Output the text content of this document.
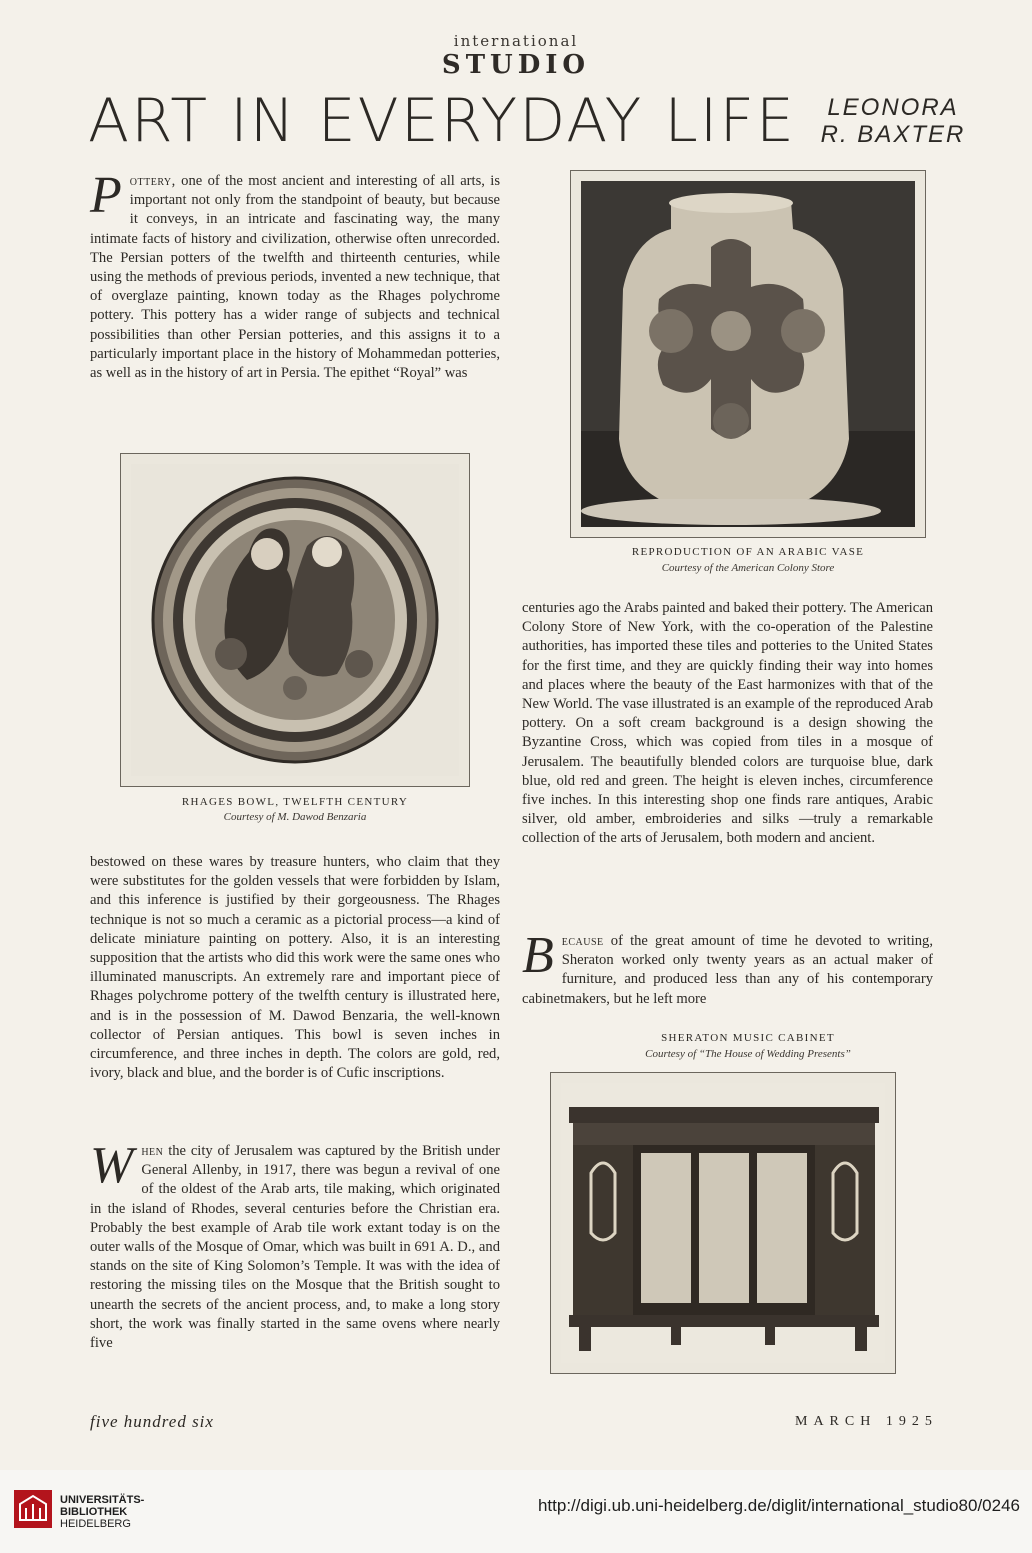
international
STUDIO
ART IN EVERYDAY LIFE	LEONORA
R. BAXTER
Pottery, one of the most ancient and interesting of all arts, is important not only from the standpoint of beauty, but because it conveys, in an intricate and fascinating way, the many intimate facts of history and civilization, otherwise often unrecorded. The Persian potters of the twelfth and thirteenth centuries, while using the methods of previous periods, invented a new technique, that of overglaze painting, known today as the Rhages polychrome pottery. This pottery has a wider range of subjects and technical possibilities than other Persian potteries, and this assigns it to a particularly important place in the history of Mohammedan potteries, as well as in the history of art in Persia. The epithet “Royal” was
RHAGES BOWL, TWELFTH CENTURY
Courtesy of M. Dawod Benzaria
bestowed on these wares by treasure hunters, who claim that they were substitutes for the golden vessels that were forbidden by Islam, and this inference is justified by their gorgeousness. The Rhages technique is not so much a ceramic as a pictorial process—a kind of delicate miniature painting on pottery. Also, it is an interesting supposition that the artists who did this work were the same ones who illuminated manuscripts. An extremely rare and important piece of Rhages polychrome pottery of the twelfth century is illustrated here, and is in the possession of M. Dawod Benzaria, the well-known collector of Persian antiques. This bowl is seven inches in circumference, and three inches in depth. The colors are gold, red, ivory, black and blue, and the border is of Cufic inscriptions.
When the city of Jerusalem was captured by the British under General Allenby, in 1917, there was begun a revival of one of the oldest of the Arab arts, tile making, which originated in the island of Rhodes, several centuries before the Christian era. Probably the best example of Arab tile work extant today is on the outer walls of the Mosque of Omar, which was built in 691 A. D., and stands on the site of King Solomon’s Temple. It was with the idea of restoring the missing tiles on the Mosque that the British sought to unearth the secrets of the ancient process, and, to make a long story short, the work was finally started in the same ovens where nearly five
REPRODUCTION OF AN ARABIC VASE
Courtesy of the American Colony Store
centuries ago the Arabs painted and baked their pottery. The American Colony Store of New York, with the co-operation of the Palestine authorities, has imported these tiles and potteries to the United States for the first time, and they are quickly finding their way into homes and places where the beauty of the East harmonizes with that of the New World. The vase illustrated is an example of the reproduced Arab pottery. On a soft cream background is a design showing the Byzantine Cross, which was copied from tiles in a mosque of Jerusalem. The beautifully blended colors are turquoise blue, dark blue, old red and green. The height is eleven inches, circumference five inches. In this interesting shop one finds rare antiques, Arabic silver, old amber, embroideries and silks —truly a remarkable collection of the arts of Jerusalem, both modern and ancient.
Because of the great amount of time he devoted to writing, Sheraton worked only twenty years as an actual maker of furniture, and produced less than any of his contemporary cabinetmakers, but he left more
SHERATON MUSIC CABINET
Courtesy of “The House of Wedding Presents”
five hundred six	MARCH 1925
UNIVERSITÄTS-
BIBLIOTHEK
HEIDELBERG
http://digi.ub.uni-heidelberg.de/diglit/international_studio80/0246
